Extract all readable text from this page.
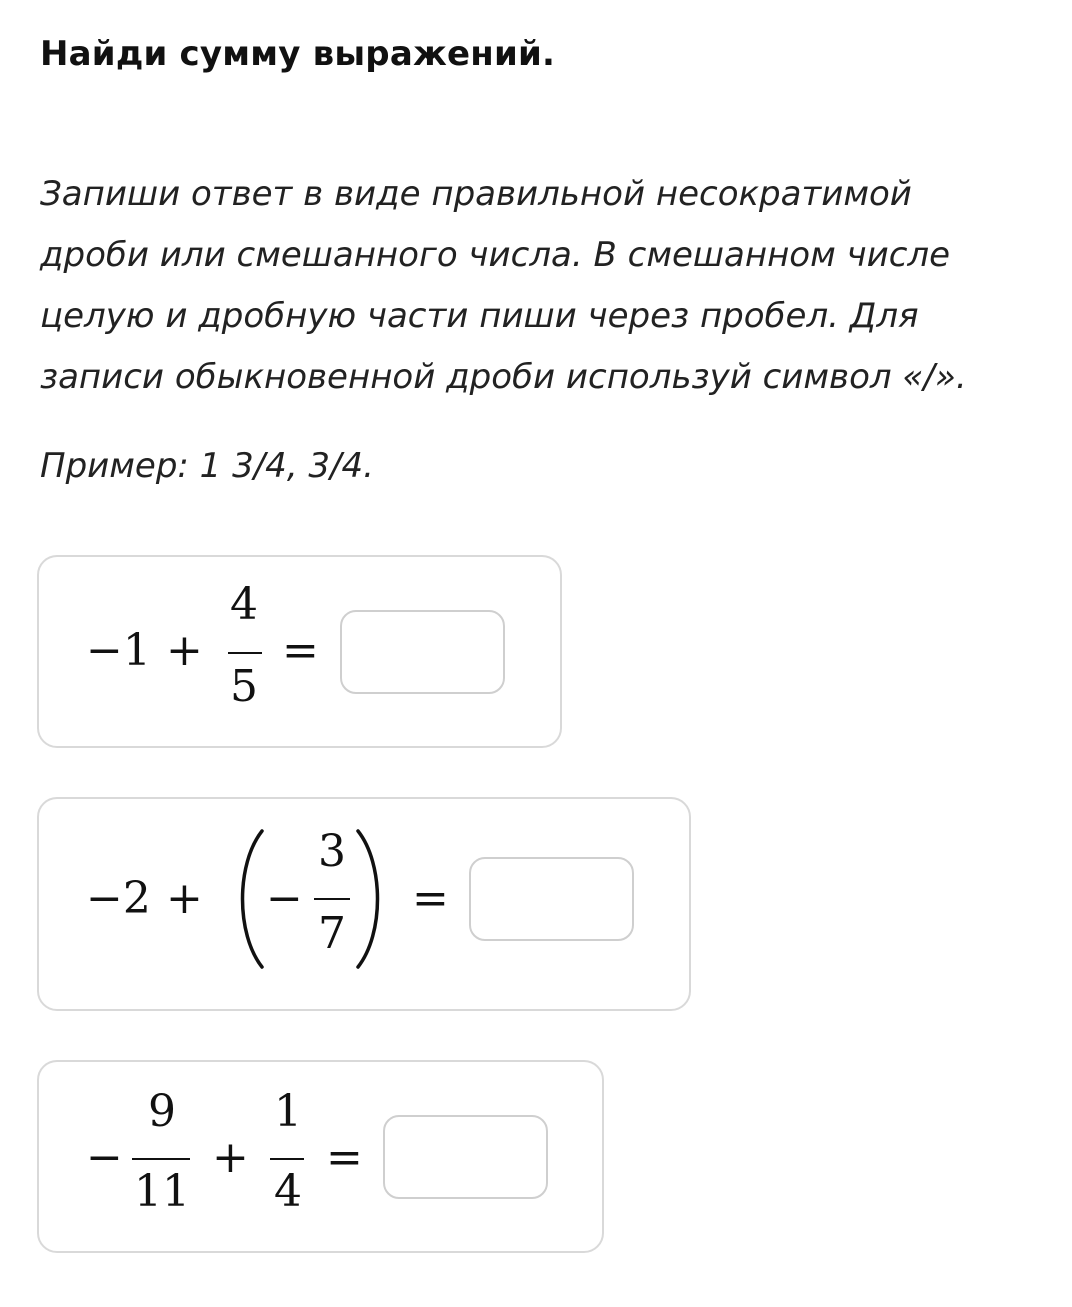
Найди сумму выражений.
Запиши ответ в виде правильной несократимой дроби или смешанного числа. В смешанном числе целую и дробную части пиши через пробел. Для записи обыкновенной дроби используй символ «/».
Пример: 1 3/4, 3/4.
−1 +
4
5
=
−2 + −
3
7
=
−
9
11
+
1
4
=
